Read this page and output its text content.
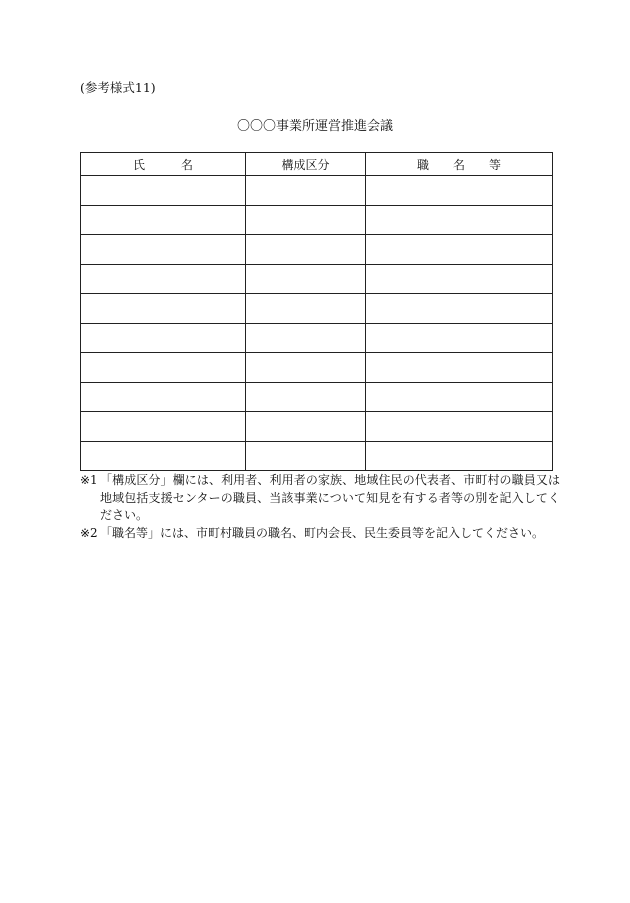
(参考様式11)
〇〇〇事業所運営推進会議
氏　　　名	構成区分	職　　名　　等

※1 「構成区分」欄には、利用者、利用者の家族、地域住民の代表者、市町村の職員又は地域包括支援センターの職員、当該事業について知見を有する者等の別を記入してください。
※2 「職名等」には、市町村職員の職名、町内会長、民生委員等を記入してください。
